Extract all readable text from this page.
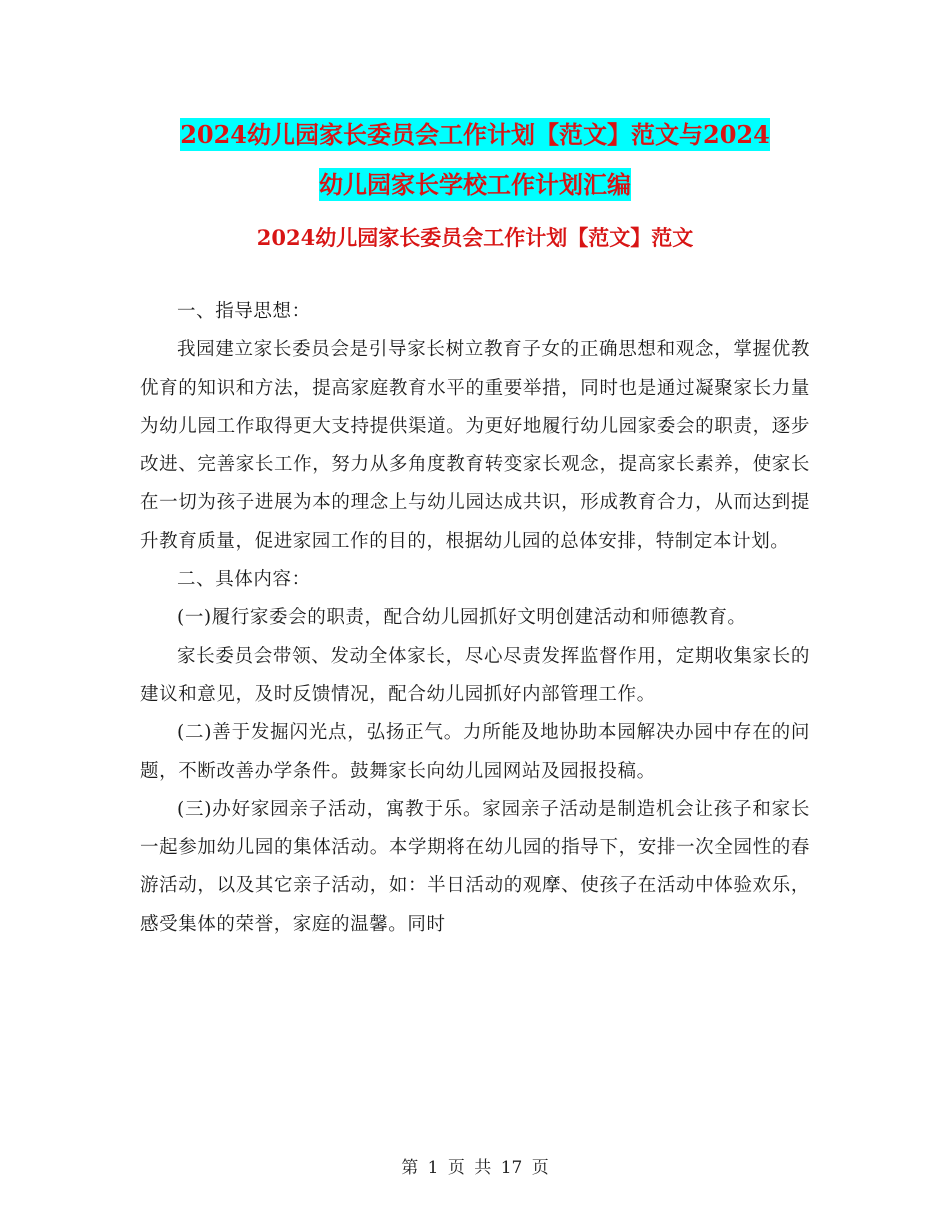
2024幼儿园家长委员会工作计划【范文】范文与2024
幼儿园家长学校工作计划汇编
2024幼儿园家长委员会工作计划【范文】范文

一、指导思想：

我园建立家长委员会是引导家长树立教育子女的正确思想和观念，掌握优教优育的知识和方法，提高家庭教育水平的重要举措，同时也是通过凝聚家长力量为幼儿园工作取得更大支持提供渠道。为更好地履行幼儿园家委会的职责，逐步改进、完善家长工作，努力从多角度教育转变家长观念，提高家长素养，使家长在一切为孩子进展为本的理念上与幼儿园达成共识，形成教育合力，从而达到提升教育质量，促进家园工作的目的，根据幼儿园的总体安排，特制定本计划。

二、具体内容：

(一)履行家委会的职责，配合幼儿园抓好文明创建活动和师德教育。

家长委员会带领、发动全体家长，尽心尽责发挥监督作用，定期收集家长的建议和意见，及时反馈情况，配合幼儿园抓好内部管理工作。

(二)善于发掘闪光点，弘扬正气。力所能及地协助本园解决办园中存在的问题，不断改善办学条件。鼓舞家长向幼儿园网站及园报投稿。

(三)办好家园亲子活动，寓教于乐。家园亲子活动是制造机会让孩子和家长一起参加幼儿园的集体活动。本学期将在幼儿园的指导下，安排一次全园性的春游活动，以及其它亲子活动，如：半日活动的观摩、使孩子在活动中体验欢乐，感受集体的荣誉，家庭的温馨。同时

第 1 页 共 17 页
